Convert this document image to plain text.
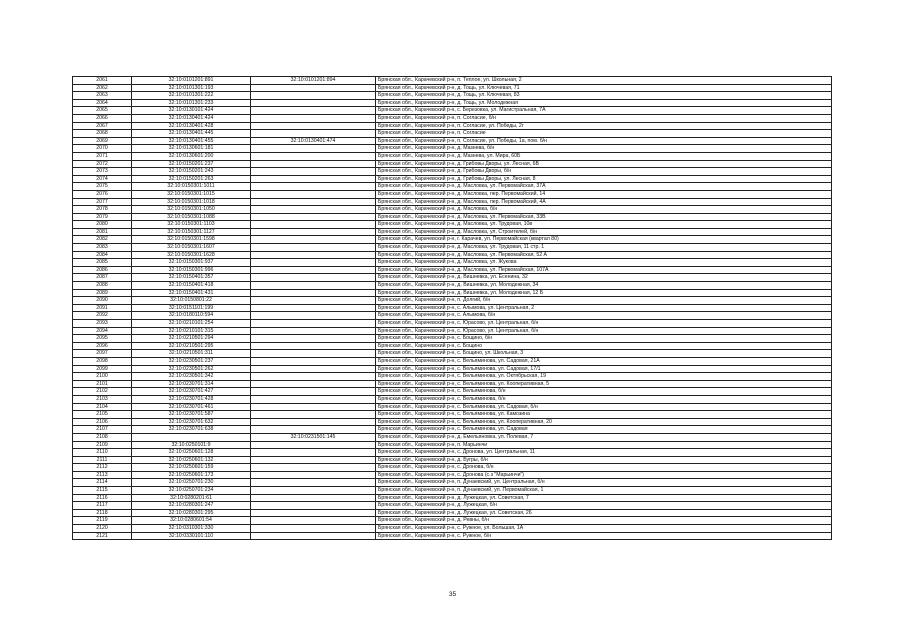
2061	32:10:0101201:891	32:10:0101201:894	Брянская обл., Карачевский р-н, п. Теплое, ул. Школьная, 2
2062	32:10:0101301:193		Брянская обл., Карачевский р-н, д. Тощь, ул. Ключевая, 71
2063	32:10:0101301:222		Брянская обл., Карачевский р-н, д. Тощь, ул. Ключевая, 83
2064	32:10:0101301:233		Брянская обл., Карачевский р-н, д. Тощь, ул. Молодежная
2065	32:10:0130101:424		Брянская обл., Карачевский р-н, с. Березовка, ул. Магистральная, 7А
2066	32:10:0130401:424		Брянская обл., Карачевский р-н, п. Согласие, б/н
2067	32:10:0130401:428		Брянская обл., Карачевский р-н, п. Согласие, ул. Победы, 2г
2068	32:10:0130401:445		Брянская обл., Карачевский р-н, п. Согласие
2069	32:10:0130401:455	32:10:0130401:474	Брянская обл., Карачевский р-н, п. Согласие, ул. Победы, 1а, пом. б/н
2070	32:10:0130601:181		Брянская обл., Карачевский р-н, д. Мазнева, б/н
2071	32:10:0130601:200		Брянская обл., Карачевский р-н, д. Мазнева, ул. Мира, 60Б
2072	32:10:0150201:237		Брянская обл., Карачевский р-н, д. Грибовы Дворы, ул. Лесная, 6В
2073	32:10:0150201:243		Брянская обл., Карачевский р-н, д. Грибовы Дворы, б/н
2074	32:10:0150201:263		Брянская обл., Карачевский р-н, д. Грибовы Дворы, ул. Лесная, 8
2075	32:10:0150301:1011		Брянская обл., Карачевский р-н, д. Масловка, ул. Первомайская, 37А
2076	32:10:0150301:1015		Брянская обл., Карачевский р-н, д. Масловка, пер. Первомайский, 14
2077	32:10:0150301:1018		Брянская обл., Карачевский р-н, д. Масловка, пер. Первомайский, 4А
2078	32:10:0150301:1050		Брянская обл., Карачевский р-н, д. Масловка, б/н
2079	32:10:0150301:1088		Брянская обл., Карачевский р-н, д. Масловка, ул. Первомайская, 33В
2080	32:10:0150301:1103		Брянская обл., Карачевский р-н, д. Масловка, ул. Трудовая, 10в
2081	32:10:0150301:1127		Брянская обл., Карачевский р-н, д. Масловка, ул. Строителей, б/н
2082	32:10:0150301:1598		Брянская обл., Карачевский р-н, г. Карачев, ул. Первомайская (квартал 80)
2083	32:10:0150301:1607		Брянская обл., Карачевский р-н, д. Масловка, ул. Трудовая, 11 стр. 1
2084	32:10:0150301:1628		Брянская обл., Карачевский р-н, д. Масловка, ул. Первомайская, 52 А
2085	32:10:0150301:937		Брянская обл., Карачевский р-н, д. Масловка, ул. Жукова
2086	32:10:0150301:996		Брянская обл., Карачевский р-н, д. Масловка, ул. Первомайская, 107А
2087	32:10:0150401:357		Брянская обл., Карачевский р-н, д. Вишневка, ул. Есенина, 32
2088	32:10:0150401:418		Брянская обл., Карачевский р-н, д. Вишневка, ул. Молодежная, 34
2089	32:10:0150401:431		Брянская обл., Карачевский р-н, д. Вишневка, ул. Молодежная, 12 Б
2090	32:10:0150801:22		Брянская обл., Карачевский р-н, п. Долгий, б/н
2091	32:10:0151101:199		Брянская обл., Карачевский р-н, с. Алымова, ул. Центральная, 2
2092	32:10:0180110:594		Брянская обл., Карачевский р-н, с. Алымова, б/н
2093	32:10:0210101:254		Брянская обл., Карачевский р-н, с. Юрасово, ул. Центральная, б/н
2094	32:10:0210101:315		Брянская обл., Карачевский р-н, с. Юрасово, ул. Центральная, б/н
2095	32:10:0210501:294		Брянская обл., Карачевский р-н, с. Бощино, б/н
2096	32:10:0210501:295		Брянская обл., Карачевский р-н, с. Бощино
2097	32:10:0210501:311		Брянская обл., Карачевский р-н, с. Бощино, ул. Школьная, 3
2098	32:10:0230501:237		Брянская обл., Карачевский р-н, с. Вельяминова, ул. Садовая, 21А
2099	32:10:0230501:262		Брянская обл., Карачевский р-н, с. Вельяминова, ул. Садовая, 17/1
2100	32:10:0230501:342		Брянская обл., Карачевский р-н, с. Вельяминова, ул. Октябрьская, 19
2101	32:10:0230701:314		Брянская обл., Карачевский р-н, с. Вельяминова, ул. Кооперативная, 5
2102	32:10:0230701:427		Брянская обл., Карачевский р-н, с. Вельяминова, б/н
2103	32:10:0230701:428		Брянская обл., Карачевский р-н, с. Вельяминова, б/н
2104	32:10:0230701:461		Брянская обл., Карачевский р-н, с. Вельяминова, ул. Садовая, б/н
2105	32:10:0230701:587		Брянская обл., Карачевский р-н, с. Вельяминова, ул. Камозина
2106	32:10:0230701:632		Брянская обл., Карачевский р-н, с. Вельяминова, ул. Кооперативная, 20
2107	32:10:0230701:638		Брянская обл., Карачевский р-н, с. Вельяминова, ул. Садовая
2108		32:10:0231501:145	Брянская обл., Карачевский р-н, д. Емельяновка, ул. Полевая, 7
2109	32:10:0250101:9		Брянская обл., Карачевский р-н, п. Марьинчи
2110	32:10:0250601:128		Брянская обл., Карачевский р-н, с. Дронова, ул. Центральная, 11
2111	32:10:0250601:132		Брянская обл., Карачевский р-н, д. Бугры, б/н
2112	32:10:0250601:159		Брянская обл., Карачевский р-н, с. Дронова, б/н
2113	32:10:0250601:173		Брянская обл., Карачевский р-н, с. Дронова (с.з "Марьинчи")
2114	32:10:0250701:230		Брянская обл., Карачевский р-н, п. Дунаевский, ул. Центральная, б/н
2115	32:10:0250701:234		Брянская обл., Карачевский р-н, п. Дунаевский, ул. Первомайская, 1
2116	32:10:0280201:61		Брянская обл., Карачевский р-н, д. Лужецкая, ул. Советская, 7
2117	32:10:0280301:247		Брянская обл., Карачевский р-н, д. Лужецкая, б/н
2118	32:10:0280301:295		Брянская обл., Карачевский р-н, д. Лужецкая, ул. Советская, 26
2119	32:10:0280601:54		Брянская обл., Карачевский р-н, д. Ревны, б/н
2120	32:10:0310301:330		Брянская обл., Карачевский р-н, с. Ружное, ул. Большая, 1А
2121	32:10:0330101:110		Брянская обл., Карачевский р-н, с. Ружное, б/н
35
